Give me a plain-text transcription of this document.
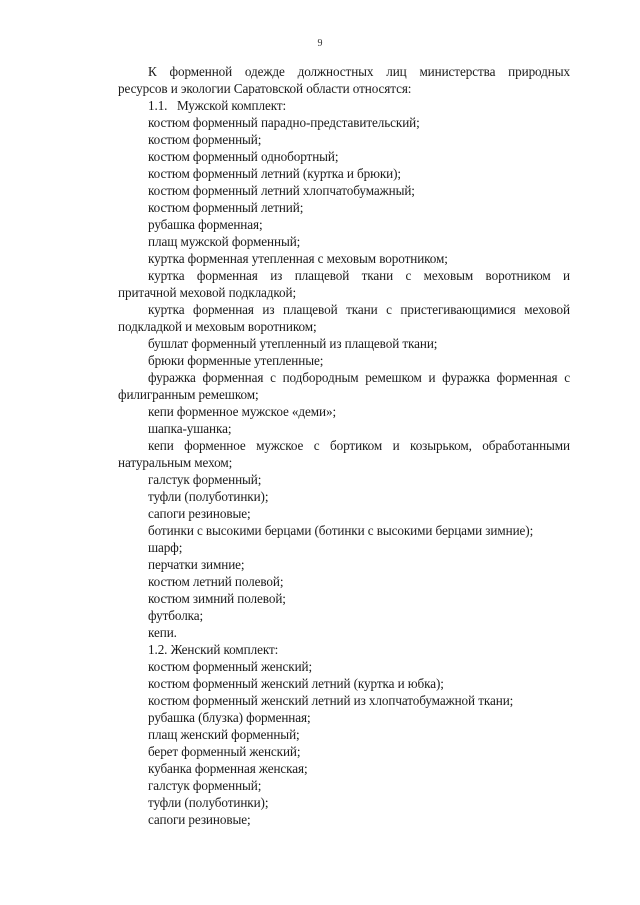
9
К форменной одежде должностных лиц министерства природных
ресурсов и экологии Саратовской области относятся:
1.1.   Мужской комплект:
костюм форменный парадно-представительский;
костюм форменный;
костюм форменный однобортный;
костюм форменный летний (куртка и брюки);
костюм форменный летний хлопчатобумажный;
костюм форменный летний;
рубашка форменная;
плащ мужской форменный;
куртка форменная утепленная с меховым воротником;
куртка форменная из плащевой ткани с меховым воротником и
притачной меховой подкладкой;
куртка форменная из плащевой ткани с пристегивающимися меховой
подкладкой и меховым воротником;
бушлат форменный утепленный из плащевой ткани;
брюки форменные утепленные;
фуражка форменная с подбородным ремешком и фуражка форменная с
филигранным ремешком;
кепи форменное мужское «деми»;
шапка-ушанка;
кепи форменное мужское с бортиком и козырьком, обработанными
натуральным мехом;
галстук форменный;
туфли (полуботинки);
сапоги резиновые;
ботинки с высокими берцами (ботинки с высокими берцами зимние);
шарф;
перчатки зимние;
костюм летний полевой;
костюм зимний полевой;
футболка;
кепи.
1.2. Женский комплект:
костюм форменный женский;
костюм форменный женский летний (куртка и юбка);
костюм форменный женский летний из хлопчатобумажной ткани;
рубашка (блузка) форменная;
плащ женский форменный;
берет форменный женский;
кубанка форменная женская;
галстук форменный;
туфли (полуботинки);
сапоги резиновые;
